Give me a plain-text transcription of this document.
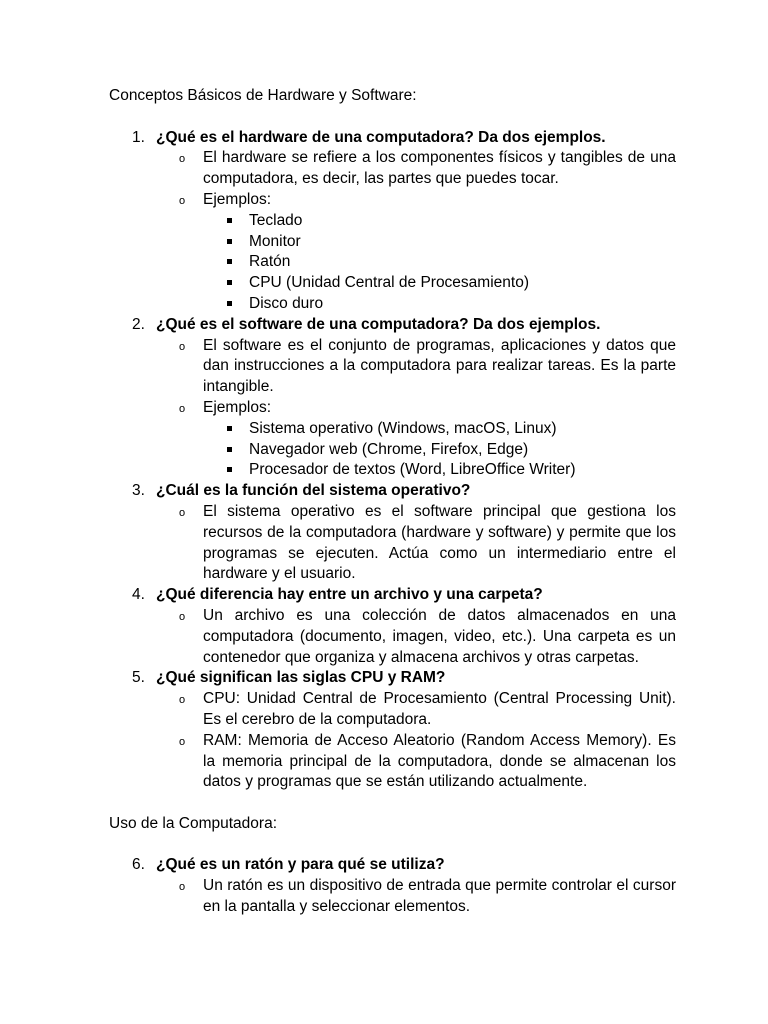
Conceptos Básicos de Hardware y Software:
1. ¿Qué es el hardware de una computadora? Da dos ejemplos.
o El hardware se refiere a los componentes físicos y tangibles de una computadora, es decir, las partes que puedes tocar.
o Ejemplos:
Teclado
Monitor
Ratón
CPU (Unidad Central de Procesamiento)
Disco duro
2. ¿Qué es el software de una computadora? Da dos ejemplos.
o El software es el conjunto de programas, aplicaciones y datos que dan instrucciones a la computadora para realizar tareas. Es la parte intangible.
o Ejemplos:
Sistema operativo (Windows, macOS, Linux)
Navegador web (Chrome, Firefox, Edge)
Procesador de textos (Word, LibreOffice Writer)
3. ¿Cuál es la función del sistema operativo?
o El sistema operativo es el software principal que gestiona los recursos de la computadora (hardware y software) y permite que los programas se ejecuten. Actúa como un intermediario entre el hardware y el usuario.
4. ¿Qué diferencia hay entre un archivo y una carpeta?
o Un archivo es una colección de datos almacenados en una computadora (documento, imagen, video, etc.). Una carpeta es un contenedor que organiza y almacena archivos y otras carpetas.
5. ¿Qué significan las siglas CPU y RAM?
o CPU: Unidad Central de Procesamiento (Central Processing Unit). Es el cerebro de la computadora.
o RAM: Memoria de Acceso Aleatorio (Random Access Memory). Es la memoria principal de la computadora, donde se almacenan los datos y programas que se están utilizando actualmente.
Uso de la Computadora:
6. ¿Qué es un ratón y para qué se utiliza?
o Un ratón es un dispositivo de entrada que permite controlar el cursor en la pantalla y seleccionar elementos.
